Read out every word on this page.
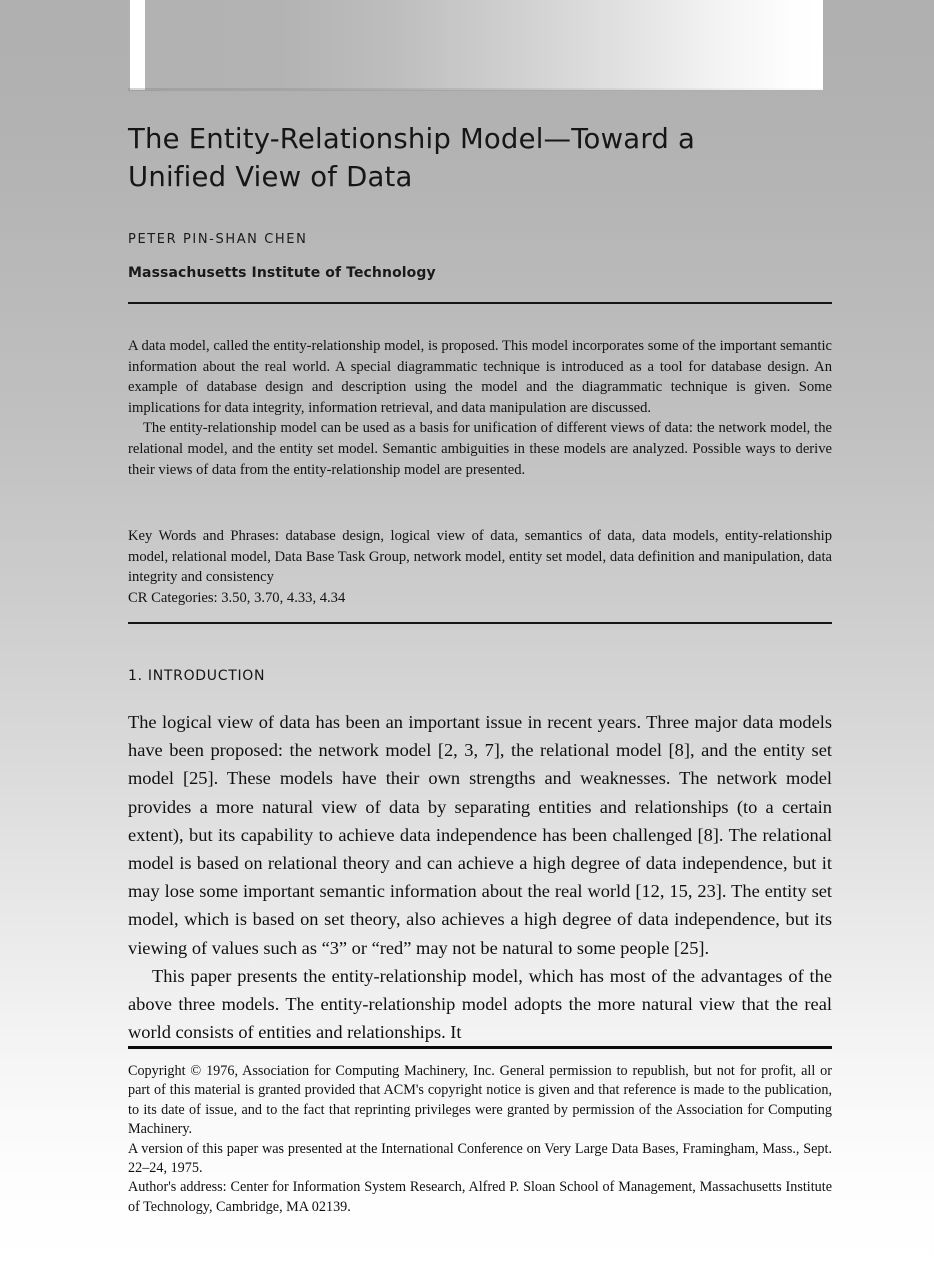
The Entity-Relationship Model—Toward a
Unified View of Data
PETER PIN-SHAN CHEN
Massachusetts Institute of Technology

A data model, called the entity-relationship model, is proposed. This model incorporates some of the important semantic information about the real world. A special diagrammatic technique is introduced as a tool for database design. An example of database design and description using the model and the diagrammatic technique is given. Some implications for data integrity, information retrieval, and data manipulation are discussed.

The entity-relationship model can be used as a basis for unification of different views of data: the network model, the relational model, and the entity set model. Semantic ambiguities in these models are analyzed. Possible ways to derive their views of data from the entity-relationship model are presented.

Key Words and Phrases: database design, logical view of data, semantics of data, data models, entity-relationship model, relational model, Data Base Task Group, network model, entity set model, data definition and manipulation, data integrity and consistency

CR Categories: 3.50, 3.70, 4.33, 4.34

1. INTRODUCTION

The logical view of data has been an important issue in recent years. Three major data models have been proposed: the network model [2, 3, 7], the relational model [8], and the entity set model [25]. These models have their own strengths and weaknesses. The network model provides a more natural view of data by separating entities and relationships (to a certain extent), but its capability to achieve data independence has been challenged [8]. The relational model is based on relational theory and can achieve a high degree of data independence, but it may lose some important semantic information about the real world [12, 15, 23]. The entity set model, which is based on set theory, also achieves a high degree of data independence, but its viewing of values such as “3” or “red” may not be natural to some people [25].

This paper presents the entity-relationship model, which has most of the advantages of the above three models. The entity-relationship model adopts the more natural view that the real world consists of entities and relationships. It

Copyright © 1976, Association for Computing Machinery, Inc. General permission to republish, but not for profit, all or part of this material is granted provided that ACM's copyright notice is given and that reference is made to the publication, to its date of issue, and to the fact that reprinting privileges were granted by permission of the Association for Computing Machinery.

A version of this paper was presented at the International Conference on Very Large Data Bases, Framingham, Mass., Sept. 22–24, 1975.

Author's address: Center for Information System Research, Alfred P. Sloan School of Management, Massachusetts Institute of Technology, Cambridge, MA 02139.
